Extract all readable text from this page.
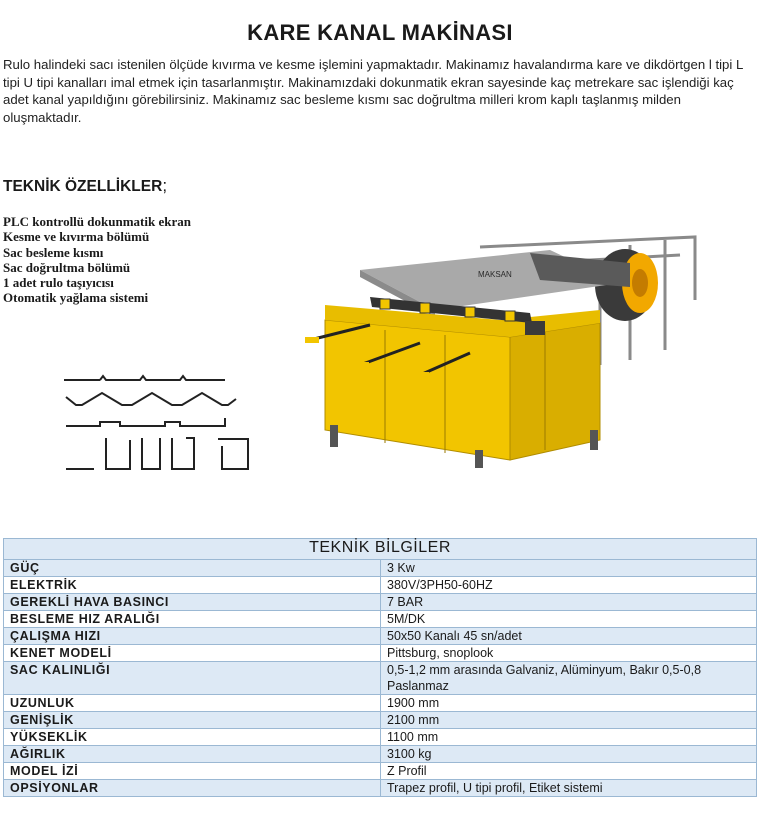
KARE KANAL MAKİNASI
Rulo halindeki sacı istenilen ölçüde kıvırma ve kesme işlemini yapmaktadır. Makinamız havalandırma kare ve dikdörtgen l tipi L tipi U tipi kanalları imal etmek için tasarlanmıştır. Makinamızdaki dokunmatik ekran sayesinde kaç metrekare sac işlendiği kaç adet kanal yapıldığını görebilirsiniz. Makinamız sac besleme kısmı sac doğrultma milleri krom kaplı taşlanmış milden oluşmaktadır.
TEKNİK ÖZELLİKLER;
PLC kontrollü dokunmatik ekran
Kesme ve kıvırma bölümü
Sac besleme kısmı
Sac doğrultma bölümü
1 adet rulo taşıyıcısı
Otomatik yağlama sistemi
MAKSAN
TEKNİK BİLGİLER	
GÜÇ	3 Kw
ELEKTRİK	380V/3PH50-60HZ
GEREKLİ HAVA BASINCI	7 BAR
BESLEME HIZ ARALIĞI	5M/DK
ÇALIŞMA HIZI	50x50 Kanalı 45 sn/adet
KENET MODELİ	Pittsburg, snoplook
SAC KALINLIĞI	0,5-1,2 mm arasında Galvaniz, Alüminyum, Bakır 0,5-0,8 Paslanmaz
UZUNLUK	1900 mm
GENİŞLİK	2100 mm
YÜKSEKLİK	1100 mm
AĞIRLIK	3100 kg
MODEL İZİ	Z Profil
OPSİYONLAR	Trapez profil, U tipi profil, Etiket sistemi
